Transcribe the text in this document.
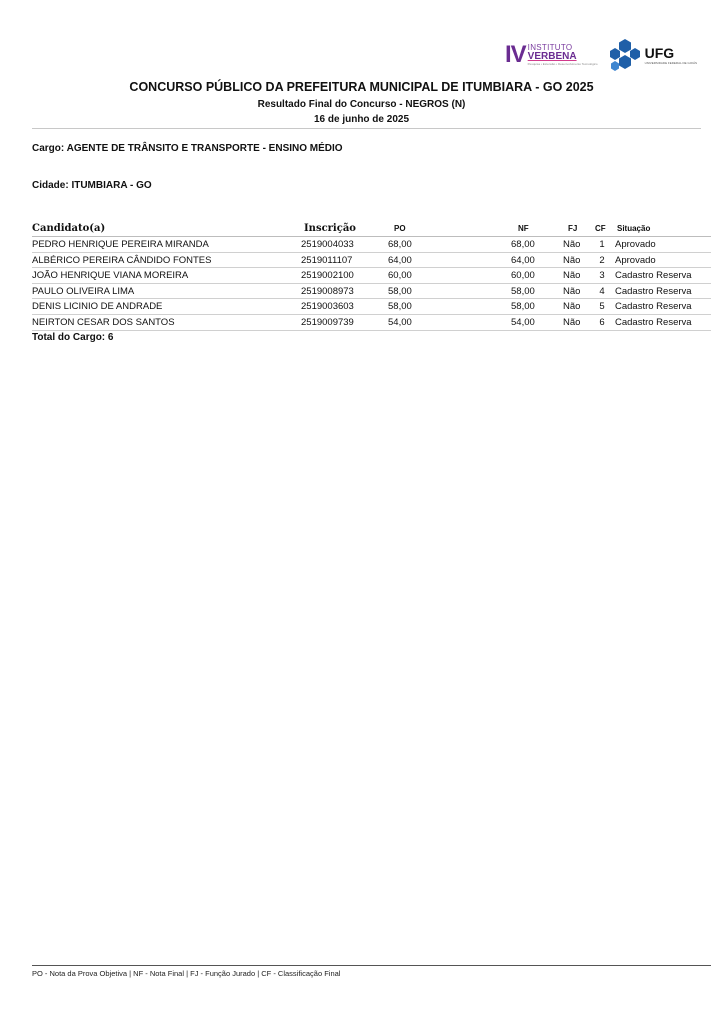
IV INSTITUTO
VERBENA
Pesquisa • Extensão • Desenvolvimento Tecnológico
UFG
UNIVERSIDADE FEDERAL DE GOIÁS

CONCURSO PÚBLICO DA PREFEITURA MUNICIPAL DE ITUMBIARA - GO 2025

Resultado Final do Concurso - NEGROS (N)

16 de junho de 2025

Cargo: AGENTE DE TRÂNSITO E TRANSPORTE - ENSINO MÉDIO
Cidade: ITUMBIARA - GO
Candidato(a)	Inscrição	PO	NF	FJ CF Situação
PEDRO HENRIQUE PEREIRA MIRANDA	2519004033	68,00	68,00	Não 1 Aprovado
ALBÉRICO PEREIRA CÂNDIDO FONTES	2519011107	64,00	64,00	Não 2 Aprovado
JOÃO HENRIQUE VIANA MOREIRA	2519002100	60,00	60,00	Não 3 Cadastro Reserva
PAULO OLIVEIRA LIMA	2519008973	58,00	58,00	Não 4 Cadastro Reserva
DENIS LICINIO DE ANDRADE	2519003603	58,00	58,00	Não 5 Cadastro Reserva
NEIRTON CESAR DOS SANTOS	2519009739	54,00	54,00	Não 6 Cadastro Reserva
Total do Cargo: 6
PO - Nota da Prova Objetiva | NF - Nota Final | FJ - Função Jurado | CF - Classificação Final
